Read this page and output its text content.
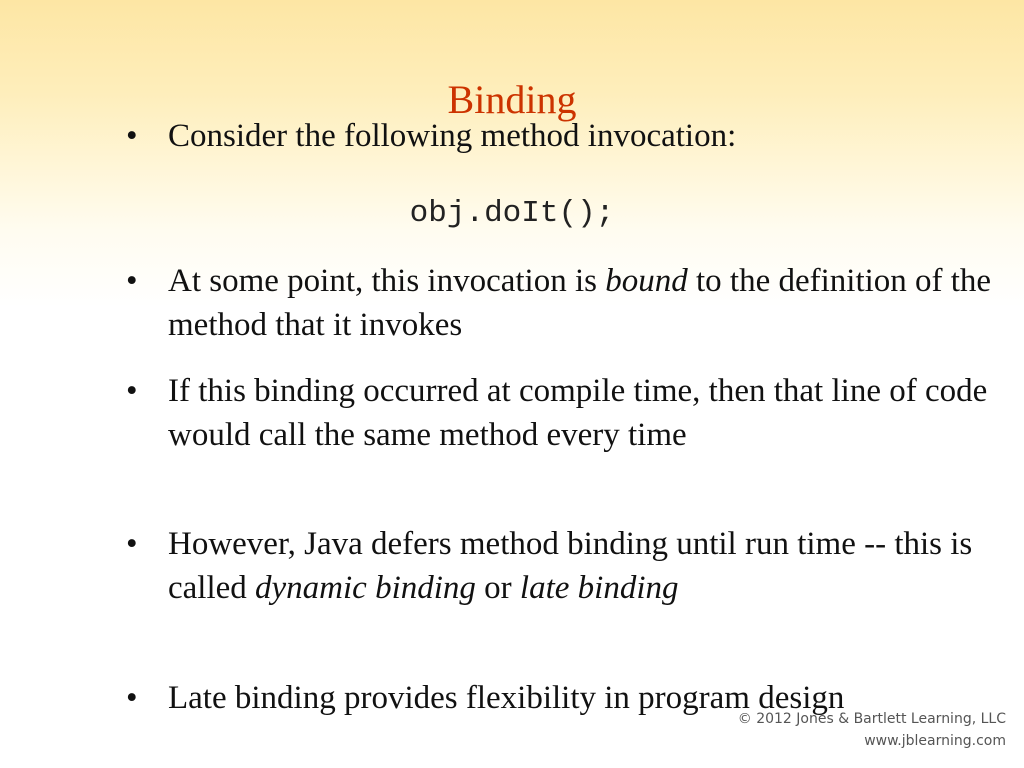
Binding
• Consider the following method invocation:
obj.doIt();
• At some point, this invocation is bound to the definition of the method that it invokes
• If this binding occurred at compile time, then that line of code would call the same method every time
• However, Java defers method binding until run time -- this is called dynamic binding or late binding
• Late binding provides flexibility in program design
© 2012 Jones & Bartlett Learning, LLC
www.jblearning.com
